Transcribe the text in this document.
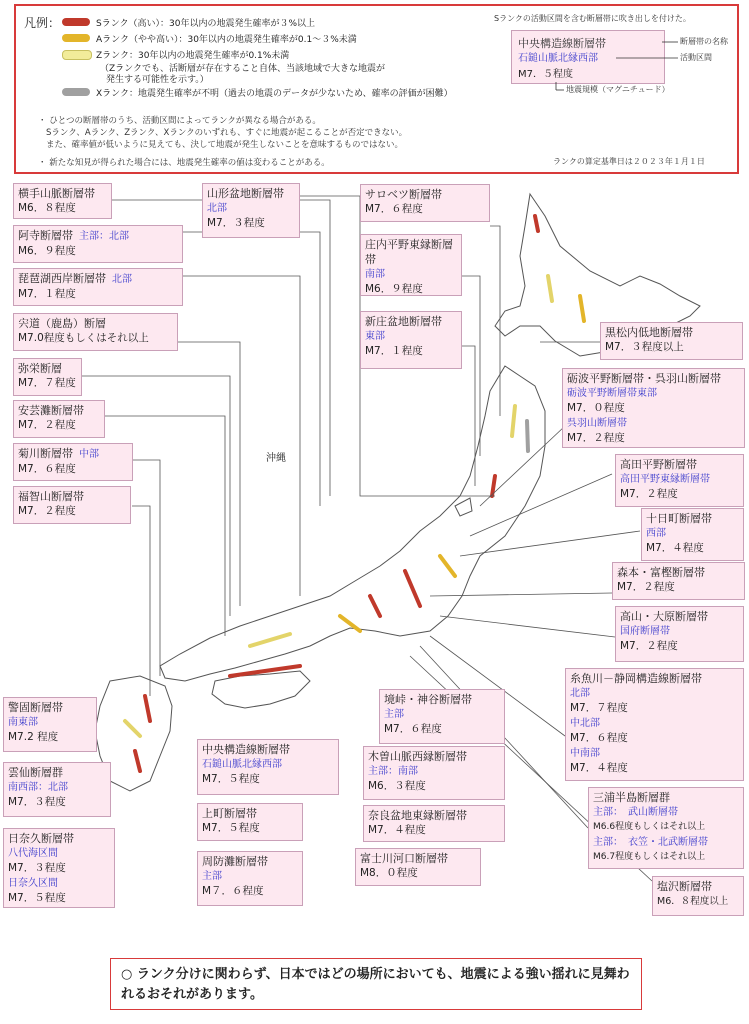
凡例：	Sランク（高い）：30年以内の地震発生確率が３%以上
Aランク（やや高い）：30年以内の地震発生確率が0.1～３%未満
Zランク：30年以内の地震発生確率が0.1%未満
（Zランクでも、活断層が存在すること自体、当該地域で大きな地震が
発生する可能性を示す。）
Xランク：地震発生確率が不明（過去の地震のデータが少ないため、確率の評価が困難）
・ ひとつの断層帯のうち、活動区間によってランクが異なる場合がある。
Sランク、Aランク、Zランク、Xランクのいずれも、すぐに地震が起こることが否定できない。
また、確率値が低いように見えても、決して地震が発生しないことを意味するものではない。
・ 新たな知見が得られた場合には、地震発生確率の値は変わることがある。
Sランクの活動区間を含む断層帯に吹き出しを付けた。
中央構造線断層帯
石鎚山脈北縁西部
M7．５程度
断層帯の名称
活動区間
地震規模（マグニチュード）
ランクの算定基準日は２０２３年１月１日
沖縄
横手山脈断層帯
M6．８程度
阿寺断層帯 主部：北部
M6．９程度
琵琶湖西岸断層帯 北部
M7．１程度
宍道（鹿島）断層
M7.0程度もしくはそれ以上
弥栄断層
M7．７程度
安芸灘断層帯
M7．２程度
菊川断層帯 中部
M7．６程度
福智山断層帯
M7．２程度
警固断層帯
南東部
M7.2 程度
雲仙断層群
南西部：北部
M7．３程度
日奈久断層帯
八代海区間
M7．３程度
日奈久区間
M7．５程度
山形盆地断層帯
北部
M7．３程度
サロベツ断層帯
M7．６程度
庄内平野東縁断層帯
南部
M6．９程度
新庄盆地断層帯
東部
M7．１程度
中央構造線断層帯
石鎚山脈北縁西部
M7．５程度
上町断層帯
M7．５程度
周防灘断層帯
主部
M７．６程度
境峠・神谷断層帯
主部
M7．６程度
木曽山脈西縁断層帯
主部：南部
M6．３程度
奈良盆地東縁断層帯
M7．４程度
富士川河口断層帯
M8．０程度
黒松内低地断層帯
M7．３程度以上
砺波平野断層帯・呉羽山断層帯
砺波平野断層帯東部
M7．０程度
呉羽山断層帯
M7．２程度
高田平野断層帯
高田平野東縁断層帯
M7．２程度
十日町断層帯
西部
M7．４程度
森本・富樫断層帯
M7．２程度
高山・大原断層帯
国府断層帯
M7．２程度
糸魚川－静岡構造線断層帯
北部
M7．７程度
中北部
M7．６程度
中南部
M7．４程度
三浦半島断層群
主部：　武山断層帯
M6.6程度もしくはそれ以上
主部：　衣笠・北武断層帯
M6.7程度もしくはそれ以上
塩沢断層帯
M6．８程度以上
○ ランク分けに関わらず、日本ではどの場所においても、地震による強い揺れに見舞われるおそれがあります。
